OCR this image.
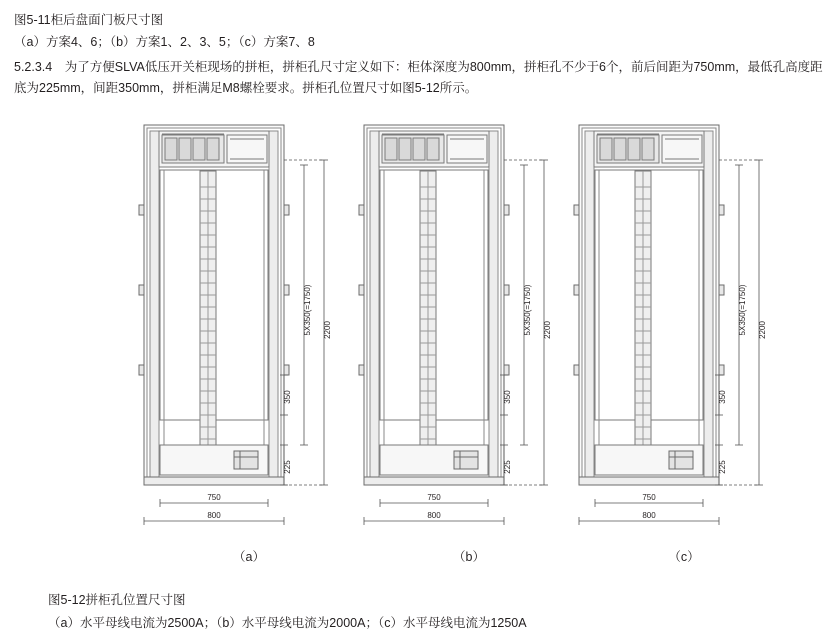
图5-11柜后盘面门板尺寸图
（a）方案4、6；（b）方案1、2、3、5；（c）方案7、8
5.2.3.4　为了方便SLVA低压开关柜现场的拼柜，拼柜孔尺寸定义如下：柜体深度为800mm，拼柜孔不少于6个，前后间距为750mm，最低孔高度距底为225mm，间距350mm，拼柜满足M8螺栓要求。拼柜孔位置尺寸如图5-12所示。
2200
5X350(=1750)
350
225
750
800
（a）
2200
5X350(=1750)
350
225
750
800
（b）
2200
5X350(=1750)
350
225
750
800
（c）
图5-12拼柜孔位置尺寸图
（a）水平母线电流为2500A；（b）水平母线电流为2000A；（c）水平母线电流为1250A
